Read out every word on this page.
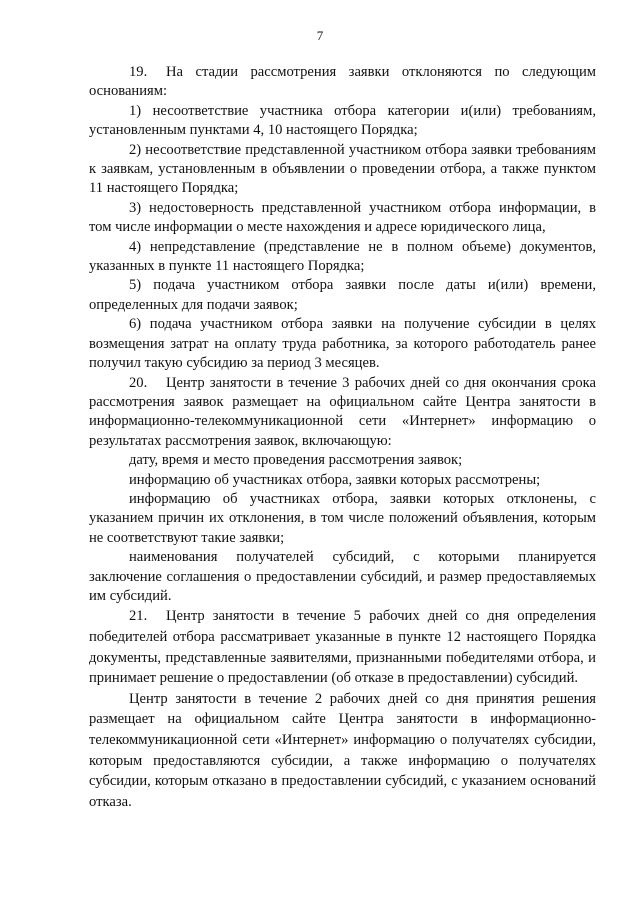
7

19. На стадии рассмотрения заявки отклоняются по следующим основаниям:

1) несоответствие участника отбора категории и(или) требованиям, установленным пунктами 4, 10 настоящего Порядка;

2) несоответствие представленной участником отбора заявки требованиям к заявкам, установленным в объявлении о проведении отбора, а также пунктом 11 настоящего Порядка;

3) недостоверность представленной участником отбора информации, в том числе информации о месте нахождения и адресе юридического лица,

4) непредставление (представление не в полном объеме) документов, указанных в пункте 11 настоящего Порядка;

5) подача участником отбора заявки после даты и(или) времени, определенных для подачи заявок;

6) подача участником отбора заявки на получение субсидии в целях возмещения затрат на оплату труда работника, за которого работодатель ранее получил такую субсидию за период 3 месяцев.

20. Центр занятости в течение 3 рабочих дней со дня окончания срока рассмотрения заявок размещает на официальном сайте Центра занятости в информационно-телекоммуникационной сети «Интернет» информацию о результатах рассмотрения заявок, включающую:

дату, время и место проведения рассмотрения заявок;

информацию об участниках отбора, заявки которых рассмотрены;

информацию об участниках отбора, заявки которых отклонены, с указанием причин их отклонения, в том числе положений объявления, которым не соответствуют такие заявки;

наименования получателей субсидий, с которыми планируется заключение соглашения о предоставлении субсидий, и размер предоставляемых им субсидий.

21. Центр занятости в течение 5 рабочих дней со дня определения победителей отбора рассматривает указанные в пункте 12 настоящего Порядка документы, представленные заявителями, признанными победителями отбора, и принимает решение о предоставлении (об отказе в предоставлении) субсидий.

Центр занятости в течение 2 рабочих дней со дня принятия решения размещает на официальном сайте Центра занятости в информационно-телекоммуникационной сети «Интернет» информацию о получателях субсидии, которым предоставляются субсидии, а также информацию о получателях субсидии, которым отказано в предоставлении субсидий, с указанием оснований отказа.
